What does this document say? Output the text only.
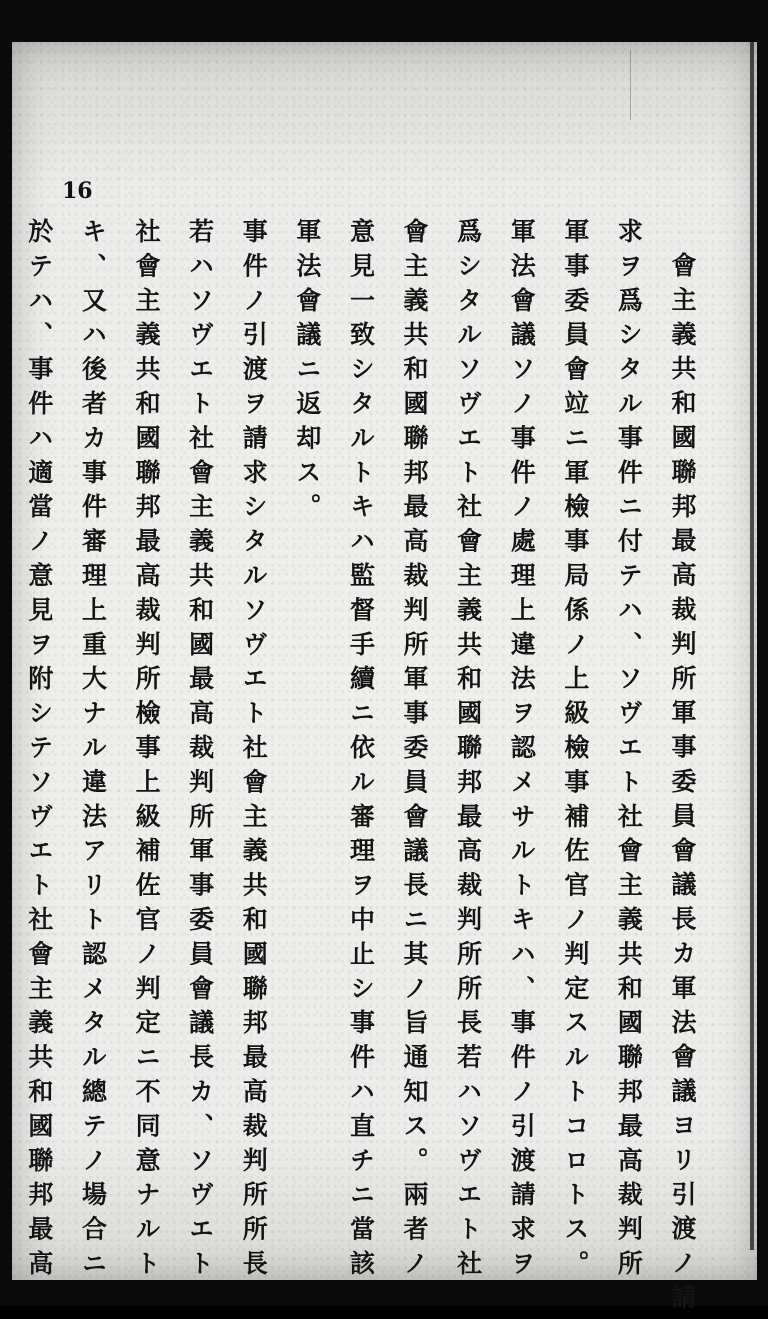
16
會主義共和國聯邦最高裁判所軍事委員會議長カ軍法會議ヨリ引渡ノ請
求ヲ爲シタル事件ニ付テハ、ソヴエト社會主義共和國聯邦最高裁判所
軍事委員會竝ニ軍檢事局係ノ上級檢事補佐官ノ判定スルトコロトス。
軍法會議ソノ事件ノ處理上違法ヲ認メサルトキハ、事件ノ引渡請求ヲ
爲シタルソヴエト社會主義共和國聯邦最高裁判所所長若ハソヴエト社
會主義共和國聯邦最高裁判所軍事委員會議長ニ其ノ旨通知ス。兩者ノ
意見一致シタルトキハ監督手續ニ依ル審理ヲ中止シ事件ハ直チニ當該
軍法會議ニ返却ス。
事件ノ引渡ヲ請求シタルソヴエト社會主義共和國聯邦最高裁判所所長
若ハソヴエト社會主義共和國最高裁判所軍事委員會議長カ、ソヴエト
社會主義共和國聯邦最高裁判所檢事上級補佐官ノ判定ニ不同意ナルト
キ、又ハ後者カ事件審理上重大ナル違法アリト認メタル總テノ場合ニ
於テハ、事件ハ適當ノ意見ヲ附シテソヴエト社會主義共和國聯邦最高
